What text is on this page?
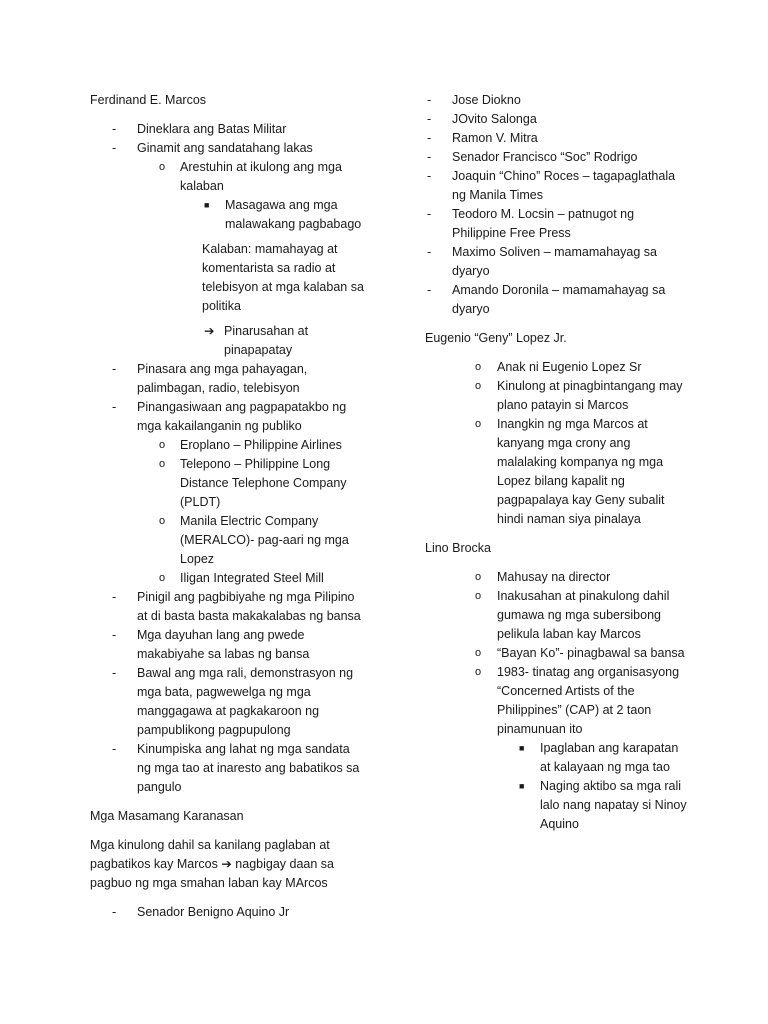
Ferdinand E. Marcos

- Dineklara ang Batas Militar
- Ginamit ang sandatahang lakas
o Arestuhin at ikulong ang mga kalaban
■ Masagawa ang mga malawakang pagbabago
Kalaban: mamahayag at komentarista sa radio at telebisyon at mga kalaban sa politika
➔ Pinarusahan at pinapapatay
- Pinasara ang mga pahayagan, palimbagan, radio, telebisyon
- Pinangasiwaan ang pagpapatakbo ng mga kakailanganin ng publiko
o Eroplano – Philippine Airlines
o Telepono – Philippine Long Distance Telephone Company (PLDT)
o Manila Electric Company (MERALCO)- pag-aari ng mga Lopez
o Iligan Integrated Steel Mill
- Pinigil ang pagbibiyahe ng mga Pilipino at di basta basta makakalabas ng bansa
- Mga dayuhan lang ang pwede makabiyahe sa labas ng bansa
- Bawal ang mga rali, demonstrasyon ng mga bata, pagwewelga ng mga manggagawa at pagkakaroon ng pampublikong pagpupulong
- Kinumpiska ang lahat ng mga sandata ng mga tao at inaresto ang babatikos sa pangulo

Mga Masamang Karanasan

Mga kinulong dahil sa kanilang paglaban at pagbatikos kay Marcos ➔ nagbigay daan sa pagbuo ng mga smahan laban kay MArcos

- Senador Benigno Aquino Jr
- Jose Diokno
- JOvito Salonga
- Ramon V. Mitra
- Senador Francisco “Soc” Rodrigo
- Joaquin “Chino” Roces – tagapaglathala ng Manila Times
- Teodoro M. Locsin – patnugot ng Philippine Free Press
- Maximo Soliven – mamamahayag sa dyaryo
- Amando Doronila – mamamahayag sa dyaryo

Eugenio “Geny” Lopez Jr.

o Anak ni Eugenio Lopez Sr
o Kinulong at pinagbintangang may plano patayin si Marcos
o Inangkin ng mga Marcos at kanyang mga crony ang malalaking kompanya ng mga Lopez bilang kapalit ng pagpapalaya kay Geny subalit hindi naman siya pinalaya

Lino Brocka

o Mahusay na director
o Inakusahan at pinakulong dahil gumawa ng mga subersibong pelikula laban kay Marcos
o “Bayan Ko”- pinagbawal sa bansa
o 1983- tinatag ang organisasyong “Concerned Artists of the Philippines” (CAP) at 2 taon pinamunuan ito
■ Ipaglaban ang karapatan at kalayaan ng mga tao
■ Naging aktibo sa mga rali lalo nang napatay si Ninoy Aquino
